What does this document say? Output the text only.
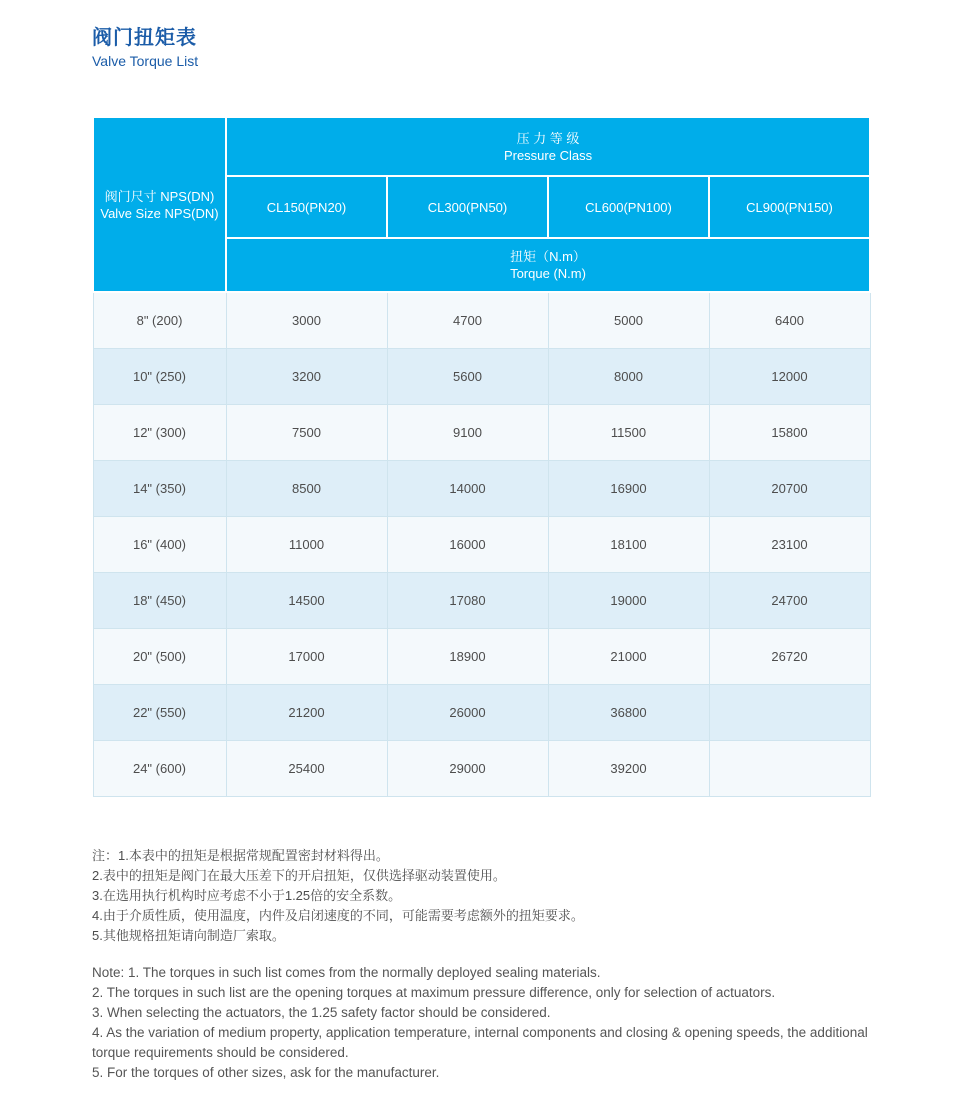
阀门扭矩表
Valve Torque List
阀门尺寸 NPS(DN)
Valve Size NPS(DN)

压 力 等 级
Pressure Class

	CL150(PN20)	CL300(PN50)	CL600(PN100)	CL900(PN150)

	扭矩（N.m）
Torque (N.m)			

8" (200)	3000	4700	5000	6400
10" (250)	3200	5600	8000	12000
12" (300)	7500	9100	11500	15800
14" (350)	8500	14000	16900	20700
16" (400)	11000	16000	18100	23100
18" (450)	14500	17080	19000	24700
20" (500)	17000	18900	21000	26720
22" (550)	21200	26000	36800	
24" (600)	25400	29000	39200	

注：1.本表中的扭矩是根据常规配置密封材料得出。

2.表中的扭矩是阀门在最大压差下的开启扭矩，仅供选择驱动装置使用。

3.在选用执行机构时应考虑不小于1.25倍的安全系数。

4.由于介质性质，使用温度，内件及启闭速度的不同，可能需要考虑额外的扭矩要求。

5.其他规格扭矩请向制造厂索取。

Note: 1. The torques in such list comes from the normally deployed sealing materials.

2. The torques in such list are the opening torques at maximum pressure difference, only for selection of actuators.

3. When selecting the actuators, the 1.25 safety factor should be considered.

4. As the variation of medium property, application temperature, internal components and closing & opening speeds, the additional torque requirements should be considered.

5. For the torques of other sizes, ask for the manufacturer.
